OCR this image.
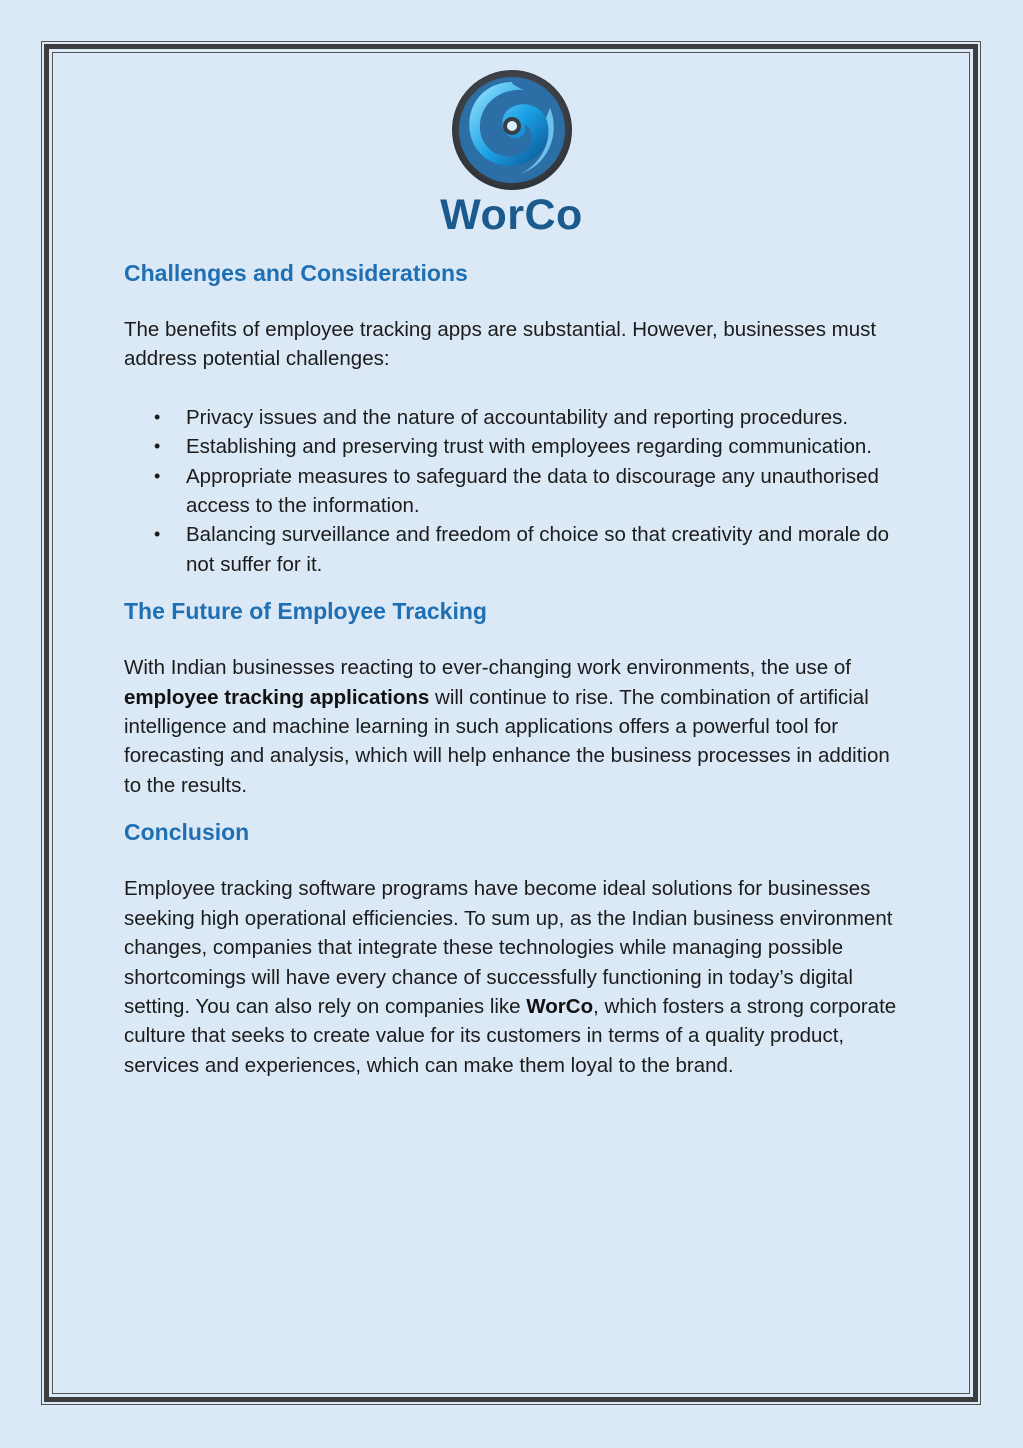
WorCo
Challenges and Considerations

The benefits of employee tracking apps are substantial. However, businesses must address potential challenges:

• Privacy issues and the nature of accountability and reporting procedures.
• Establishing and preserving trust with employees regarding communication.
• Appropriate measures to safeguard the data to discourage any unauthorised access to the information.
• Balancing surveillance and freedom of choice so that creativity and morale do not suffer for it.
The Future of Employee Tracking

With Indian businesses reacting to ever-changing work environments, the use of employee tracking applications will continue to rise. The combination of artificial intelligence and machine learning in such applications offers a powerful tool for forecasting and analysis, which will help enhance the business processes in addition to the results.

Conclusion

Employee tracking software programs have become ideal solutions for businesses seeking high operational efficiencies. To sum up, as the Indian business environment changes, companies that integrate these technologies while managing possible shortcomings will have every chance of successfully functioning in today’s digital setting. You can also rely on companies like WorCo, which fosters a strong corporate culture that seeks to create value for its customers in terms of a quality product, services and experiences, which can make them loyal to the brand.
